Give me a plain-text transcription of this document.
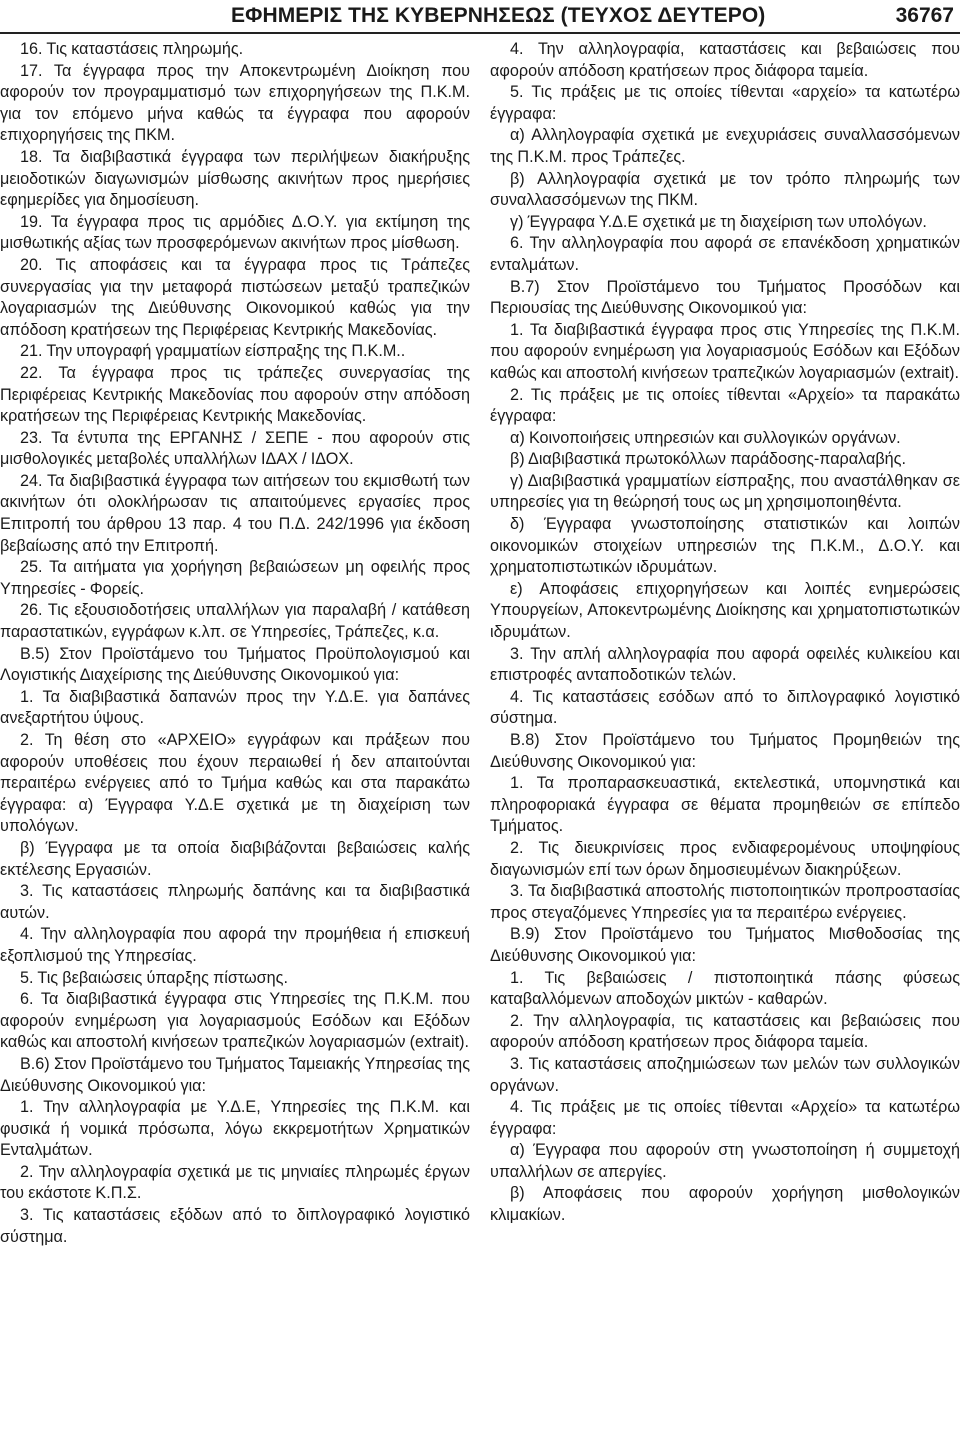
ΕΦΗΜΕΡΙΣ ΤΗΣ ΚΥΒΕΡΝΗΣΕΩΣ (ΤΕΥΧΟΣ ΔΕΥΤΕΡΟ)	36767

16. Τις καταστάσεις πληρωμής.

17. Τα έγγραφα προς την Αποκεντρωμένη Διοίκηση που αφορούν τον προγραμματισμό των επιχορηγήσεων της Π.Κ.Μ. για τον επόμενο μήνα καθώς τα έγγραφα που αφορούν επιχορηγήσεις της ΠΚΜ.

18. Τα διαβιβαστικά έγγραφα των περιλήψεων διακήρυξης μειοδοτικών διαγωνισμών μίσθωσης ακινήτων προς ημερήσιες εφημερίδες για δημοσίευση.

19. Τα έγγραφα προς τις αρμόδιες Δ.Ο.Υ. για εκτίμηση της μισθωτικής αξίας των προσφερόμενων ακινήτων προς μίσθωση.

20. Τις αποφάσεις και τα έγγραφα προς τις Τράπεζες συνεργασίας για την μεταφορά πιστώσεων μεταξύ τραπεζικών λογαριασμών της Διεύθυνσης Οικονομικού καθώς για την απόδοση κρατήσεων της Περιφέρειας Κεντρικής Μακεδονίας.

21. Την υπογραφή γραμματίων είσπραξης της Π.Κ.Μ..

22. Τα έγγραφα προς τις τράπεζες συνεργασίας της Περιφέρειας Κεντρικής Μακεδονίας που αφορούν στην απόδοση κρατήσεων της Περιφέρειας Κεντρικής Μακεδονίας.

23. Τα έντυπα της ΕΡΓΑΝΗΣ / ΣΕΠΕ ‑ που αφορούν στις μισθολογικές μεταβολές υπαλλήλων ΙΔΑΧ / ΙΔΟΧ.

24. Τα διαβιβαστικά έγγραφα των αιτήσεων του εκμισθωτή των ακινήτων ότι ολοκλήρωσαν τις απαιτούμενες εργασίες προς Επιτροπή του άρθρου 13 παρ. 4 του Π.Δ. 242/1996 για έκδοση βεβαίωσης από την Επιτροπή.

25. Τα αιτήματα για χορήγηση βεβαιώσεων μη οφειλής προς Υπηρεσίες ‑ Φορείς.

26. Τις εξουσιοδοτήσεις υπαλλήλων για παραλαβή / κατάθεση παραστατικών, εγγράφων κ.λπ. σε Υπηρεσίες, Τράπεζες, κ.α.

Β.5) Στον Προϊστάμενο του Τμήματος Προϋπολογισμού και Λογιστικής Διαχείρισης της Διεύθυνσης Οικονομικού για:

1. Τα διαβιβαστικά δαπανών προς την Υ.Δ.Ε. για δαπάνες ανεξαρτήτου ύψους.

2. Τη θέση στο «ΑΡΧΕΙΟ» εγγράφων και πράξεων που αφορούν υποθέσεις που έχουν περαιωθεί ή δεν απαιτούνται περαιτέρω ενέργειες από το Τμήμα καθώς και στα παρακάτω έγγραφα: α) Έγγραφα Υ.Δ.Ε σχετικά με τη διαχείριση των υπολόγων.

β) Έγγραφα με τα οποία διαβιβάζονται βεβαιώσεις καλής εκτέλεσης Εργασιών.

3. Τις καταστάσεις πληρωμής δαπάνης και τα διαβιβαστικά αυτών.

4. Την αλληλογραφία που αφορά την προμήθεια ή επισκευή εξοπλισμού της Υπηρεσίας.

5. Τις βεβαιώσεις ύπαρξης πίστωσης.

6. Τα διαβιβαστικά έγγραφα στις Υπηρεσίες της Π.Κ.Μ. που αφορούν ενημέρωση για λογαριασμούς Εσόδων και Εξόδων καθώς και αποστολή κινήσεων τραπεζικών λογαριασμών (extrait).

Β.6) Στον Προϊστάμενο του Τμήματος Ταμειακής Υπηρεσίας της Διεύθυνσης Οικονομικού για:

1. Την αλληλογραφία με Υ.Δ.Ε, Υπηρεσίες της Π.Κ.Μ. και φυσικά ή νομικά πρόσωπα, λόγω εκκρεμοτήτων Χρηματικών Ενταλμάτων.

2. Την αλληλογραφία σχετικά με τις μηνιαίες πληρωμές έργων του εκάστοτε Κ.Π.Σ.

3. Τις καταστάσεις εξόδων από το διπλογραφικό λογιστικό σύστημα.

4. Την αλληλογραφία, καταστάσεις και βεβαιώσεις που αφορούν απόδοση κρατήσεων προς διάφορα ταμεία.

5. Τις πράξεις με τις οποίες τίθενται «αρχείο» τα κατωτέρω έγγραφα:

α) Αλληλογραφία σχετικά με ενεχυριάσεις συναλλασσόμενων της Π.Κ.Μ. προς Τράπεζες.

β) Αλληλογραφία σχετικά με τον τρόπο πληρωμής των συναλλασσόμενων της ΠΚΜ.

γ) Έγγραφα Υ.Δ.Ε σχετικά με τη διαχείριση των υπολόγων.

6. Την αλληλογραφία που αφορά σε επανέκδοση χρηματικών ενταλμάτων.

Β.7) Στον Προϊστάμενο του Τμήματος Προσόδων και Περιουσίας της Διεύθυνσης Οικονομικού για:

1. Τα διαβιβαστικά έγγραφα προς στις Υπηρεσίες της Π.Κ.Μ. που αφορούν ενημέρωση για λογαριασμούς Εσόδων και Εξόδων καθώς και αποστολή κινήσεων τραπεζικών λογαριασμών (extrait).

2. Τις πράξεις με τις οποίες τίθενται «Αρχείο» τα παρακάτω έγγραφα:

α) Κοινοποιήσεις υπηρεσιών και συλλογικών οργάνων.

β) Διαβιβαστικά πρωτοκόλλων παράδοσης‑παραλαβής.

γ) Διαβιβαστικά γραμματίων είσπραξης, που αναστάλθηκαν σε υπηρεσίες για τη θεώρησή τους ως μη χρησιμοποιηθέντα.

δ) Έγγραφα γνωστοποίησης στατιστικών και λοιπών οικονομικών στοιχείων υπηρεσιών της Π.Κ.Μ., Δ.Ο.Υ. και χρηματοπιστωτικών ιδρυμάτων.

ε) Αποφάσεις επιχορηγήσεων και λοιπές ενημερώσεις Υπουργείων, Αποκεντρωμένης Διοίκησης και χρηματοπιστωτικών ιδρυμάτων.

3. Την απλή αλληλογραφία που αφορά οφειλές κυλικείου και επιστροφές ανταποδοτικών τελών.

4. Τις καταστάσεις εσόδων από το διπλογραφικό λογιστικό σύστημα.

Β.8) Στον Προϊστάμενο του Τμήματος Προμηθειών της Διεύθυνσης Οικονομικού για:

1. Τα προπαρασκευαστικά, εκτελεστικά, υπομνηστικά και πληροφοριακά έγγραφα σε θέματα προμηθειών σε επίπεδο Τμήματος.

2. Τις διευκρινίσεις προς ενδιαφερομένους υποψηφίους διαγωνισμών επί των όρων δημοσιευμένων διακηρύξεων.

3. Τα διαβιβαστικά αποστολής πιστοποιητικών προπροστασίας προς στεγαζόμενες Υπηρεσίες για τα περαιτέρω ενέργειες.

Β.9) Στον Προϊστάμενο του Τμήματος Μισθοδοσίας της Διεύθυνσης Οικονομικού για:

1. Τις βεβαιώσεις / πιστοποιητικά πάσης φύσεως καταβαλλόμενων αποδοχών μικτών ‑ καθαρών.

2. Την αλληλογραφία, τις καταστάσεις και βεβαιώσεις που αφορούν απόδοση κρατήσεων προς διάφορα ταμεία.

3. Τις καταστάσεις αποζημιώσεων των μελών των συλλογικών οργάνων.

4. Τις πράξεις με τις οποίες τίθενται «Αρχείο» τα κατωτέρω έγγραφα:

α) Έγγραφα που αφορούν στη γνωστοποίηση ή συμμετοχή υπαλλήλων σε απεργίες.

β) Αποφάσεις που αφορούν χορήγηση μισθολογικών κλιμακίων.
